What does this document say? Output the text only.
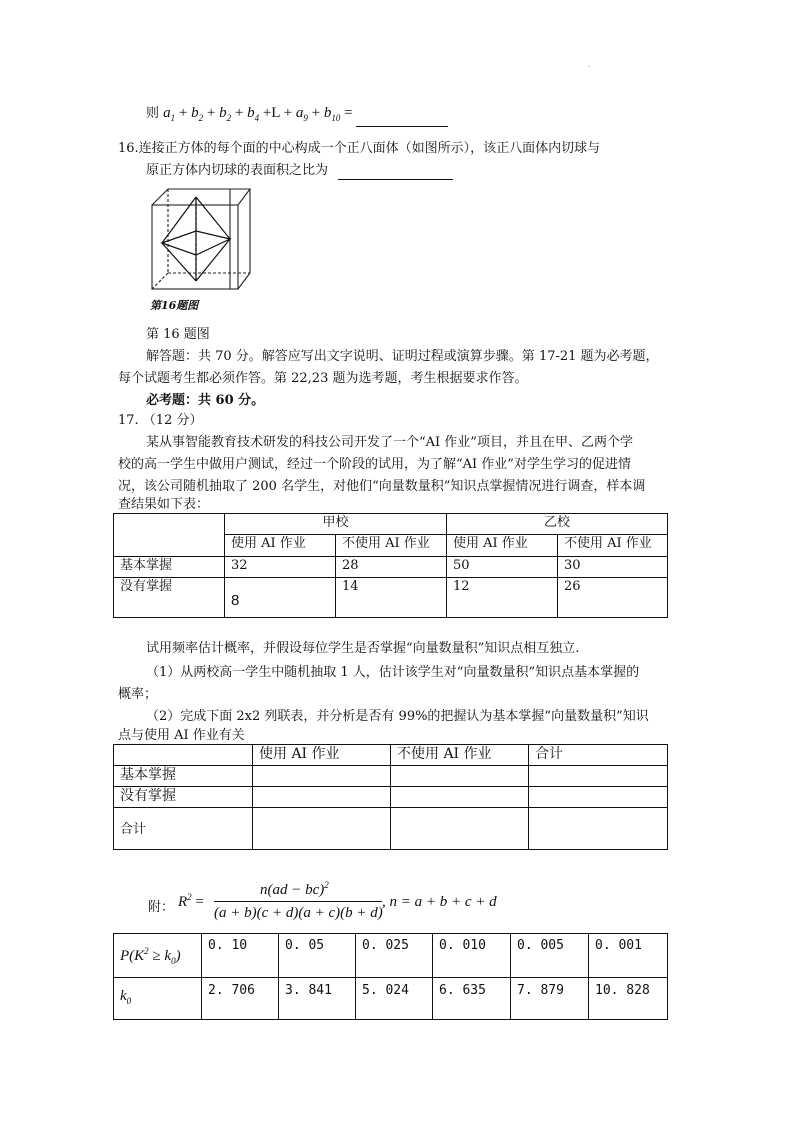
.
则 $a_1 + b_2 + b_2 + b_4 +L + a_9 + b_{10}$ =
16.连接正方体的每个面的中心构成一个正八面体（如图所示），该正八面体内切球与
原正方体内切球的表面积之比为
第16题图
第 16 题图
解答题：共 70 分。解答应写出文字说明、证明过程或演算步骤。第 17-21 题为必考题，
每个试题考生都必须作答。第 22,23 题为选考题，考生根据要求作答。
必考题：共 60 分。
17. （12 分）
某从事智能教育技术研发的科技公司开发了一个“AI 作业”项目，并且在甲、乙两个学
校的高一学生中做用户测试，经过一个阶段的试用，为了解“AI 作业”对学生学习的促进情
况，该公司随机抽取了 200 名学生，对他们“向量数量积”知识点掌握情况进行调查，样本调
查结果如下表：
	甲校		乙校	
	使用 AI 作业	不使用 AI 作业	使用 AI 作业	不使用 AI 作业
基本掌握	32	28	50	30
没有掌握	8	14	12	26
试用频率估计概率，并假设每位学生是否掌握“向量数量积”知识点相互独立.
（1）从两校高一学生中随机抽取 1 人，估计该学生对“向量数量积”知识点基本掌握的
概率；
（2）完成下面 2x2 列联表，并分析是否有 99%的把握认为基本掌握“向量数量积”知识
点与使用 AI 作业有关
	使用 AI 作业	不使用 AI 作业	合计
基本掌握			
没有掌握			
合计			
附： $R^2$ =
n(ad − bc)$^2$
(a + b)(c + d)(a + c)(b + d)
, n = a + b + c + d
$P(K^2 \ge k_0)$	0. 10	0. 05	0. 025	0. 010	0. 005	0. 001
$k_0$	2. 706	3. 841	5. 024	6. 635	7. 879	10. 828
